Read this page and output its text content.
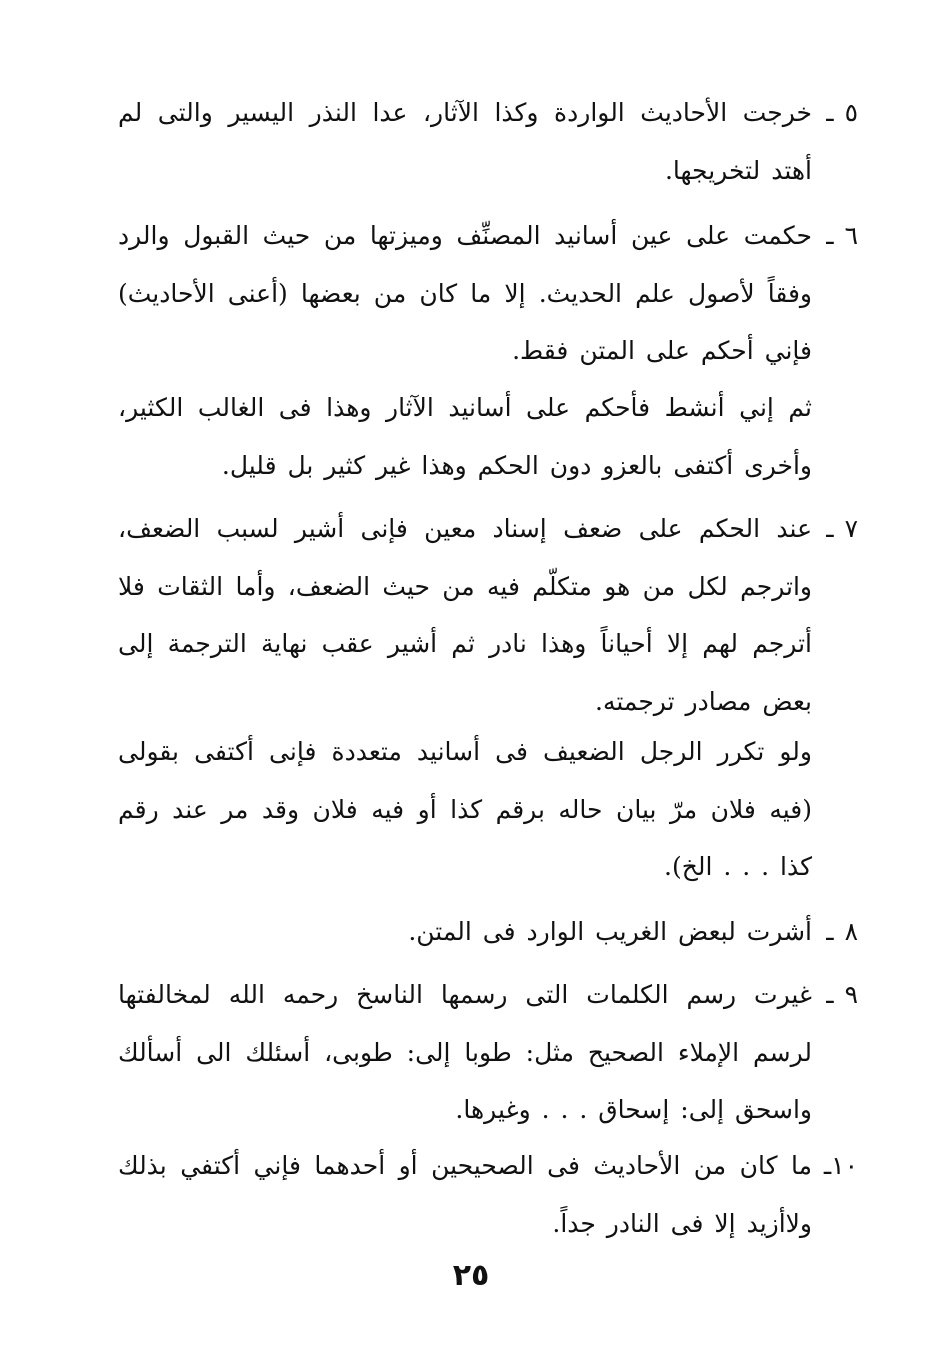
٥ ـ
خرجت الأحاديث الواردة وكذا الآثار، عدا النذر اليسير والتى لم أهتد لتخريجها.
٦ ـ
حكمت على عين أسانيد المصنِّف وميزتها من حيث القبول والرد وفقاً لأصول علم الحديث. إلا ما كان من بعضها (أعنى الأحاديث) فإني أحكم على المتن فقط.
ثم إني أنشط فأحكم على أسانيد الآثار وهذا فى الغالب الكثير، وأخرى أكتفى بالعزو دون الحكم وهذا غير كثير بل قليل.
٧ ـ
عند الحكم على ضعف إسناد معين فإنى أشير لسبب الضعف، واترجم لكل من هو متكلّم فيه من حيث الضعف، وأما الثقات فلا أترجم لهم إلا أحياناً وهذا نادر ثم أشير عقب نهاية الترجمة إلى بعض مصادر ترجمته.
ولو تكرر الرجل الضعيف فى أسانيد متعددة فإنى أكتفى بقولى (فيه فلان مرّ بيان حاله برقم كذا أو فيه فلان وقد مر عند رقم كذا . . . الخ).
٨ ـ
أشرت لبعض الغريب الوارد فى المتن.
٩ ـ
غيرت رسم الكلمات التى رسمها الناسخ رحمه الله لمخالفتها لرسم الإملاء الصحيح مثل: طوبا إلى: طوبى، أسئلك الى أسألك واسحق إلى: إسحاق . . . وغيرها.
١٠ـ
ما كان من الأحاديث فى الصحيحين أو أحدهما فإني أكتفي بذلك ولاأزيد إلا فى النادر جداً.
٢٥
